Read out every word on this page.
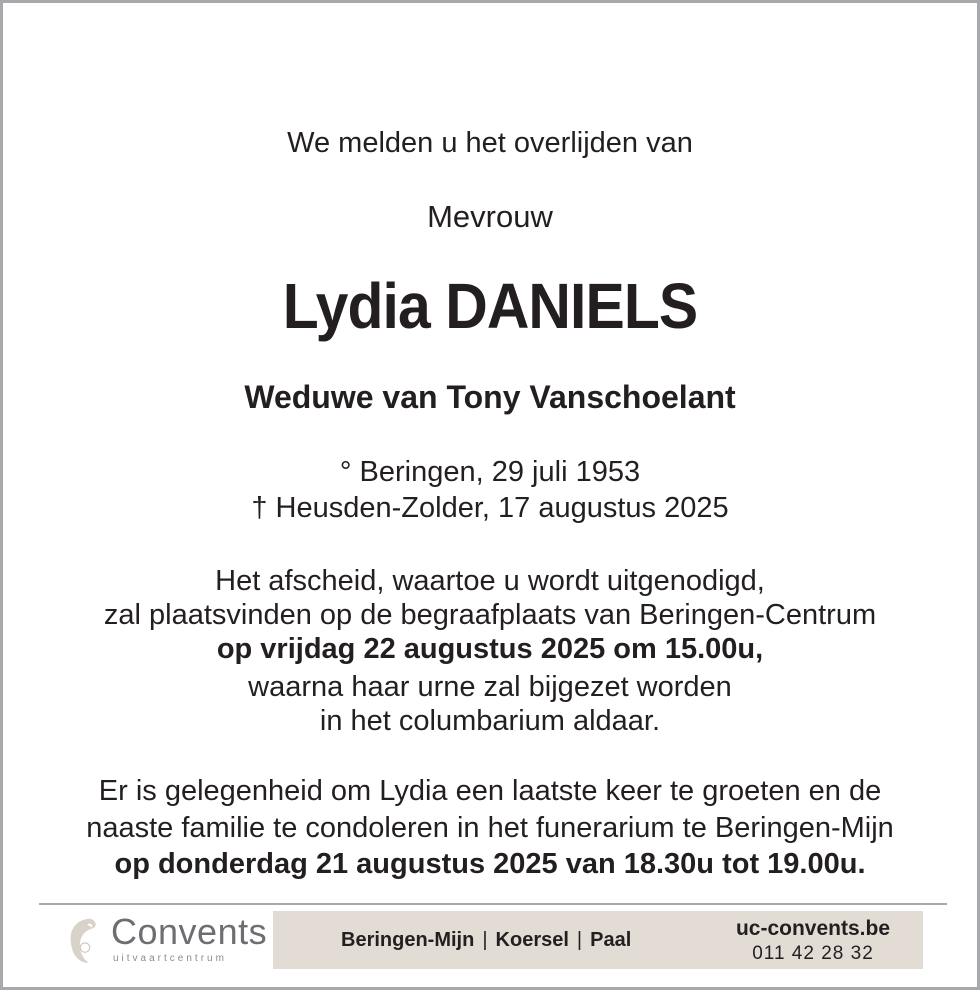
We melden u het overlijden van
Mevrouw
Lydia DANIELS
Weduwe van Tony Vanschoelant
° Beringen, 29 juli 1953
† Heusden-Zolder, 17 augustus 2025
Het afscheid, waartoe u wordt uitgenodigd,
zal plaatsvinden op de begraafplaats van Beringen-Centrum
op vrijdag 22 augustus 2025 om 15.00u,
waarna haar urne zal bijgezet worden
in het columbarium aldaar.
Er is gelegenheid om Lydia een laatste keer te groeten en de
naaste familie te condoleren in het funerarium te Beringen-Mijn
op donderdag 21 augustus 2025 van 18.30u tot 19.00u.
Convents
uitvaartcentrum
Beringen-Mijn | Koersel | Paal	uc-convents.be
011 42 28 32
